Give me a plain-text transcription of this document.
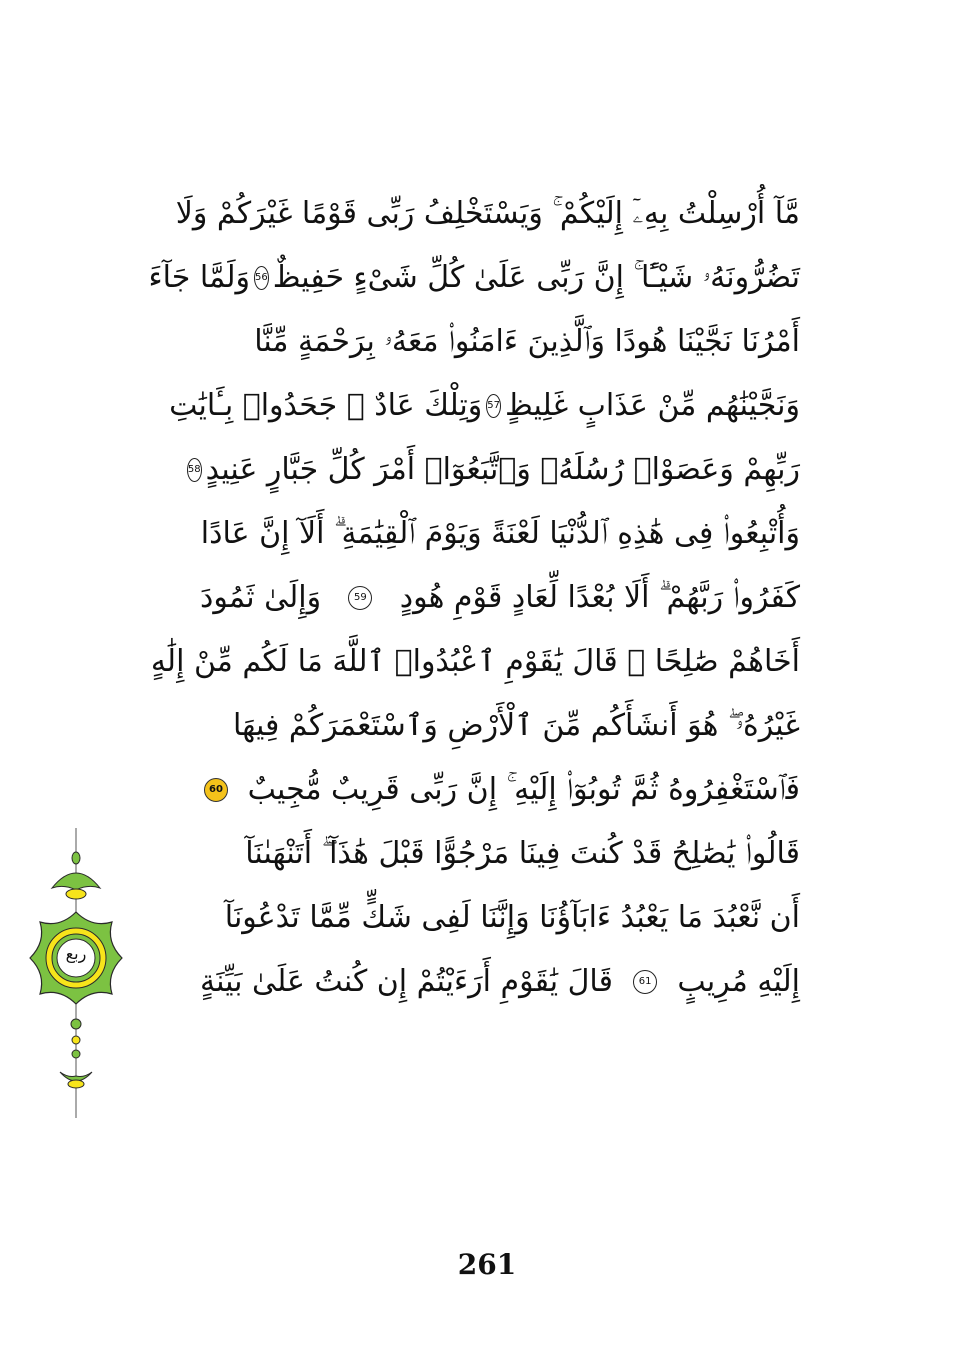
مَّآ أُرْسِلْتُ بِهِۦٓ إِلَيْكُمْ ۚ وَيَسْتَخْلِفُ رَبِّى قَوْمًا غَيْرَكُمْ وَلَا
تَضُرُّونَهُۥ شَيْـًٔا ۚ إِنَّ رَبِّى عَلَىٰ كُلِّ شَىْءٍ حَفِيظٌ
56
وَلَمَّا جَآءَ
أَمْرُنَا نَجَّيْنَا هُودًا وَٱلَّذِينَ ءَامَنُوا۟ مَعَهُۥ بِرَحْمَةٍ مِّنَّا
وَنَجَّيْنَٰهُم مِّنْ عَذَابٍ غَلِيظٍ
57
وَتِلْكَ عَادٌ ۖ جَحَدُوا۟ بِـَٔايَٰتِ
رَبِّهِمْ وَعَصَوْا۟ رُسُلَهُۥ وَٱتَّبَعُوٓا۟ أَمْرَ كُلِّ جَبَّارٍ عَنِيدٍ
58
وَأُتْبِعُوا۟ فِى هَٰذِهِ ٱلدُّنْيَا لَعْنَةً وَيَوْمَ ٱلْقِيَٰمَةِ ۗ أَلَآ إِنَّ عَادًا
كَفَرُوا۟ رَبَّهُمْ ۗ أَلَا بُعْدًا لِّعَادٍ قَوْمِ هُودٍ
59
وَإِلَىٰ ثَمُودَ
أَخَاهُمْ صَٰلِحًا ۚ قَالَ يَٰقَوْمِ ٱعْبُدُوا۟ ٱللَّهَ مَا لَكُم مِّنْ إِلَٰهٍ
غَيْرُهُۥ ۖ هُوَ أَنشَأَكُم مِّنَ ٱلْأَرْضِ وَٱسْتَعْمَرَكُمْ فِيهَا
فَٱسْتَغْفِرُوهُ ثُمَّ تُوبُوٓا۟ إِلَيْهِ ۚ إِنَّ رَبِّى قَرِيبٌ مُّجِيبٌ
60
قَالُوا۟ يَٰصَٰلِحُ قَدْ كُنتَ فِينَا مَرْجُوًّا قَبْلَ هَٰذَآ ۖ أَتَنْهَىٰنَآ
أَن نَّعْبُدَ مَا يَعْبُدُ ءَابَآؤُنَا وَإِنَّنَا لَفِى شَكٍّ مِّمَّا تَدْعُونَآ
إِلَيْهِ مُرِيبٍ
61
قَالَ يَٰقَوْمِ أَرَءَيْتُمْ إِن كُنتُ عَلَىٰ بَيِّنَةٍ
ربع
261
